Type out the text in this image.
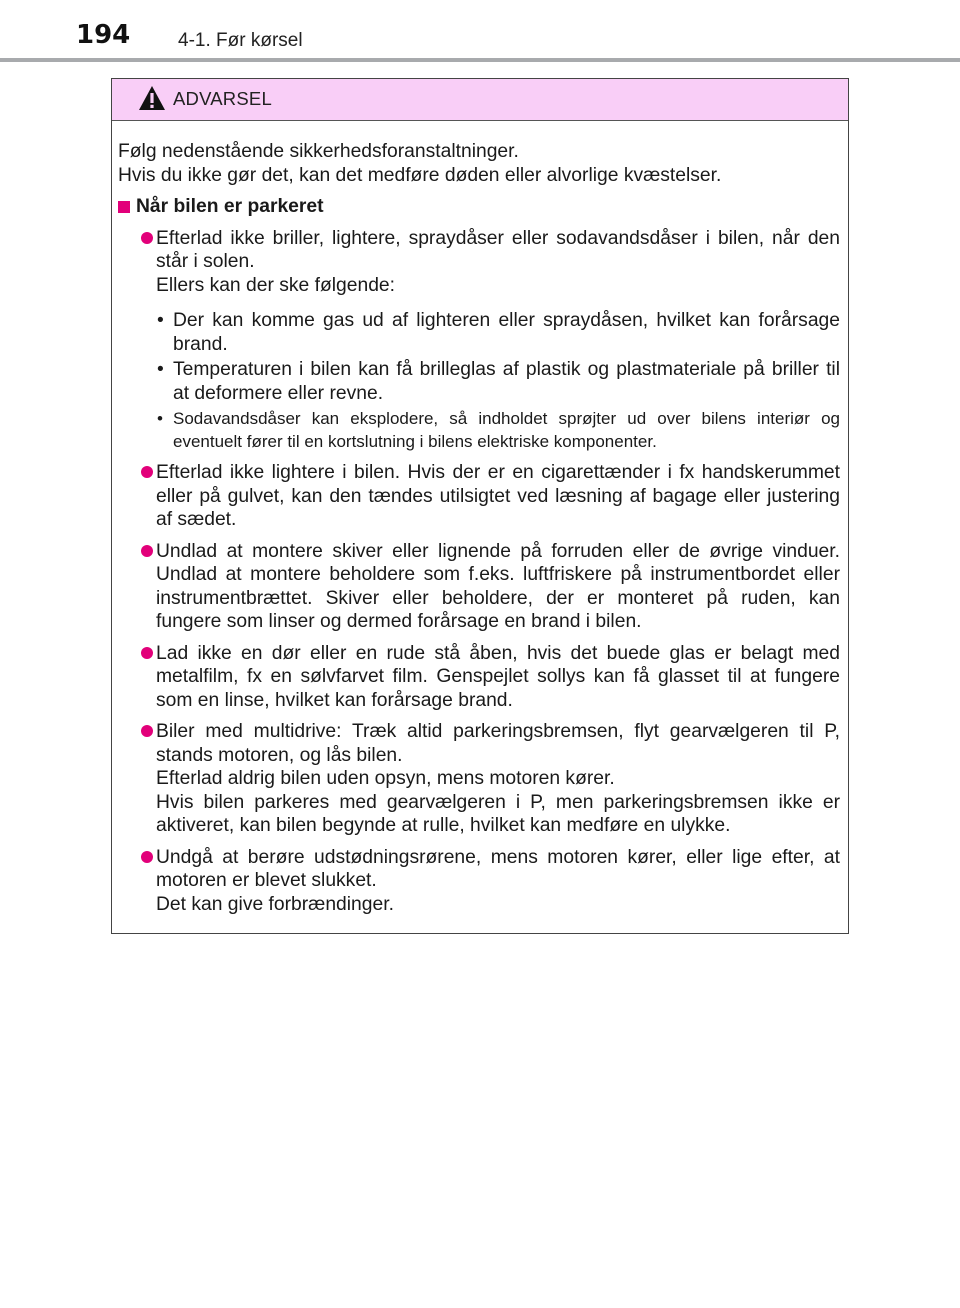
194	4-1. Før kørsel
ADVARSEL

Følg nedenstående sikkerhedsforanstaltninger.

Hvis du ikke gør det, kan det medføre døden eller alvorlige kvæstelser.

Når bilen er parkeret
Efterlad ikke briller, lightere, spraydåser eller sodavandsdåser i bilen, når den står i solen.
Ellers kan der ske følgende:
• Der kan komme gas ud af lighteren eller spraydåsen, hvilket kan forårsage brand.
• Temperaturen i bilen kan få brilleglas af plastik og plastmateriale på briller til at deformere eller revne.
• Sodavandsdåser kan eksplodere, så indholdet sprøjter ud over bilens interiør og eventuelt fører til en kortslutning i bilens elektriske komponenter.
Efterlad ikke lightere i bilen. Hvis der er en cigarettænder i fx handskerummet eller på gulvet, kan den tændes utilsigtet ved læsning af bagage eller justering af sædet.
Undlad at montere skiver eller lignende på forruden eller de øvrige vinduer. Undlad at montere beholdere som f.eks. luftfriskere på instrumentbordet eller instrumentbrættet. Skiver eller beholdere, der er monteret på ruden, kan fungere som linser og dermed forårsage en brand i bilen.
Lad ikke en dør eller en rude stå åben, hvis det buede glas er belagt med metalfilm, fx en sølvfarvet film. Genspejlet sollys kan få glasset til at fungere som en linse, hvilket kan forårsage brand.
Biler med multidrive: Træk altid parkeringsbremsen, flyt gearvælgeren til P, stands motoren, og lås bilen.
Efterlad aldrig bilen uden opsyn, mens motoren kører.
Hvis bilen parkeres med gearvælgeren i P, men parkeringsbremsen ikke er aktiveret, kan bilen begynde at rulle, hvilket kan medføre en ulykke.
Undgå at berøre udstødningsrørene, mens motoren kører, eller lige efter, at motoren er blevet slukket.
Det kan give forbrændinger.
